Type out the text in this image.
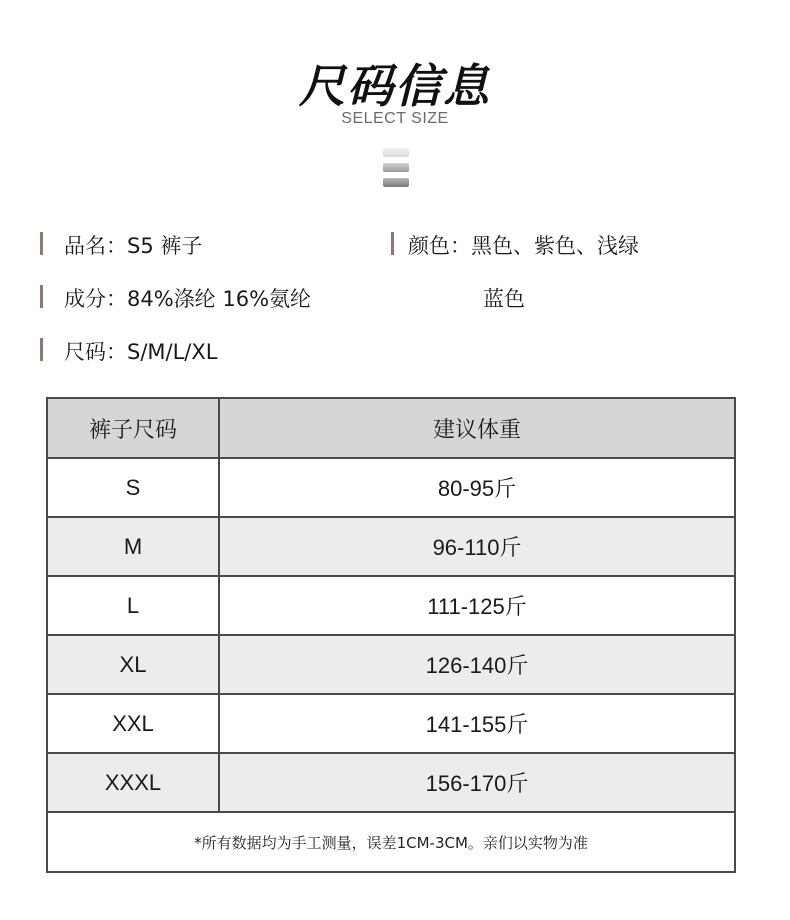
尺码信息
SELECT SIZE
品名：S5 裤子	颜色：黑色、紫色、浅绿
蓝色
成分：84%涤纶 16%氨纶
尺码：S/M/L/XL
裤子尺码	建议体重
S	80-95斤
M	96-110斤
L	111-125斤
XL	126-140斤
XXL	141-155斤
XXXL	156-170斤
*所有数据均为手工测量，误差1CM-3CM。亲们以实物为准	
